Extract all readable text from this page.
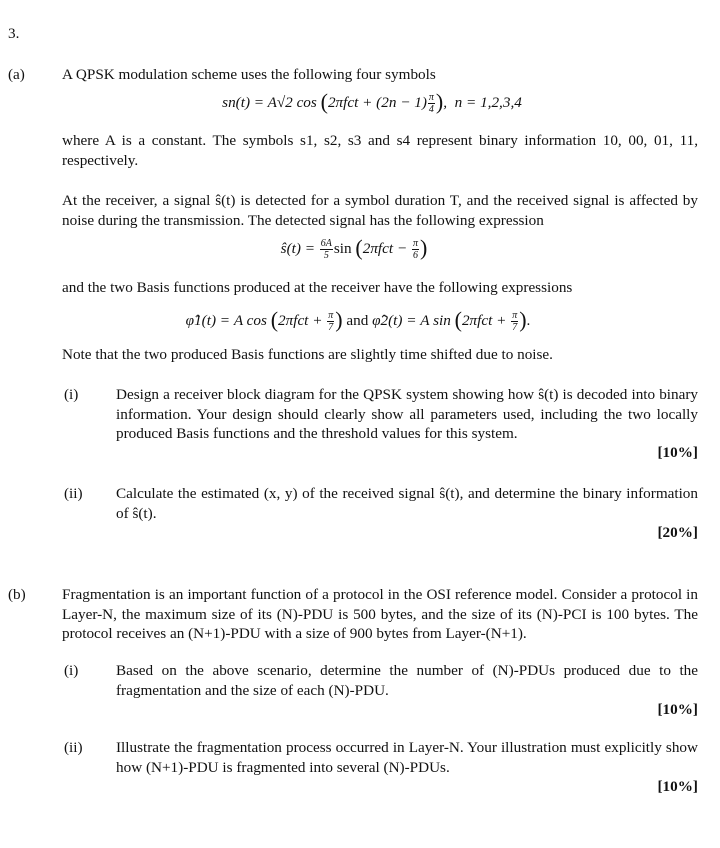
3.
(a) A QPSK modulation scheme uses the following four symbols
sn(t) = A√2 $\cos (2\pi fct + (2n - 1) \frac{\pi}{4}$ ),  n = 1,2,3,4
where A is a constant. The symbols s1, s2, s3 and s4 represent binary information 10, 00, 01, 11, respectively.
At the receiver, a signal ŝ(t) is detected for a symbol duration T, and the received signal is affected by noise during the transmission. The detected signal has the following expression
ŝ(t) = $\frac{6A}{5}$ $\sin (2\pi fct - \frac{\pi}{6}$ )
and the two Basis functions produced at the receiver have the following expressions
φ̂1(t) = A $\cos (2\pi fct + \frac{\pi}{7}$ ) and φ̂2(t) = A $\sin (2\pi fct + \frac{\pi}{7}$ ).
Note that the two produced Basis functions are slightly time shifted due to noise.
(i) Design a receiver block diagram for the QPSK system showing how ŝ(t) is decoded into binary information. Your design should clearly show all parameters used, including the two locally produced Basis functions and the threshold values for this system.
[10%]
(ii) Calculate the estimated (x, y) of the received signal ŝ(t), and determine the binary information of ŝ(t).
[20%]
(b) Fragmentation is an important function of a protocol in the OSI reference model. Consider a protocol in Layer-N, the maximum size of its (N)-PDU is 500 bytes, and the size of its (N)-PCI is 100 bytes. The protocol receives an (N+1)-PDU with a size of 900 bytes from Layer-(N+1).
(i) Based on the above scenario, determine the number of (N)-PDUs produced due to the fragmentation and the size of each (N)-PDU.
[10%]
(ii) Illustrate the fragmentation process occurred in Layer-N. Your illustration must explicitly show how (N+1)-PDU is fragmented into several (N)-PDUs.
[10%]
